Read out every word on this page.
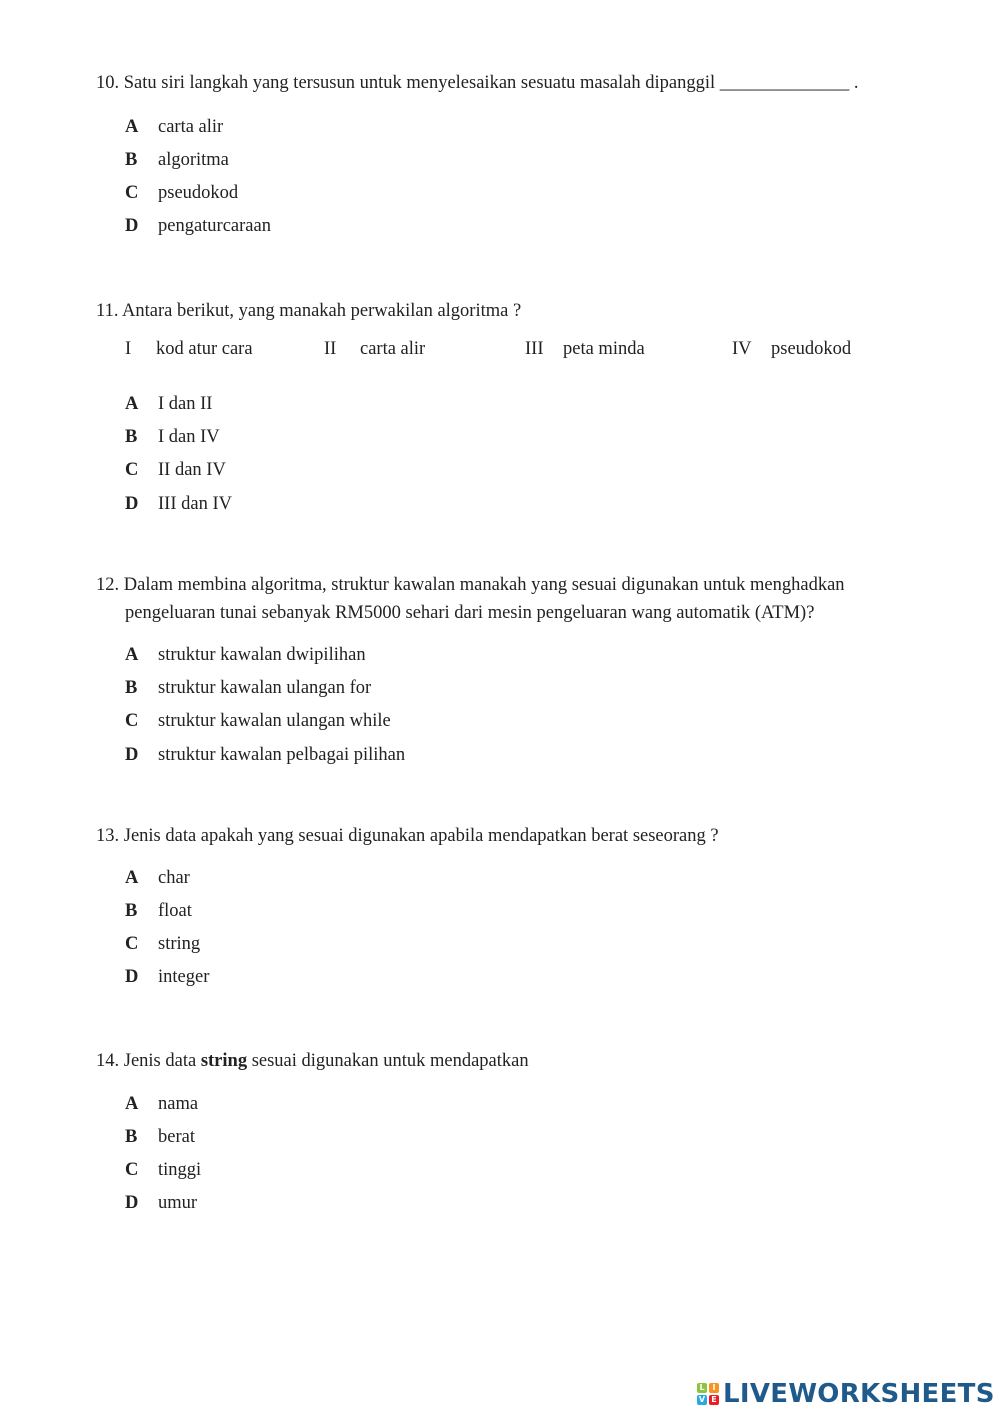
10. Satu siri langkah yang tersusun untuk menyelesaikan sesuatu masalah dipanggil ______________ .
A carta alir
B algoritma
C pseudokod
D pengaturcaraan
11. Antara berikut, yang manakah perwakilan algoritma ?
I kod atur cara	II carta alir	III peta minda	IV pseudokod
A I dan II
B I dan IV
C II dan IV
D III dan IV
12. Dalam membina algoritma, struktur kawalan manakah yang sesuai digunakan untuk menghadkan
pengeluaran tunai sebanyak RM5000 sehari dari mesin pengeluaran wang automatik (ATM)?
A struktur kawalan dwipilihan
B struktur kawalan ulangan for
C struktur kawalan ulangan while
D struktur kawalan pelbagai pilihan
13. Jenis data apakah yang sesuai digunakan apabila mendapatkan berat seseorang ?
A char
B float
C string
D integer
14. Jenis data string sesuai digunakan untuk mendapatkan
A nama
B berat
C tinggi
D umur
L I
V E LIVEWORKSHEETS
